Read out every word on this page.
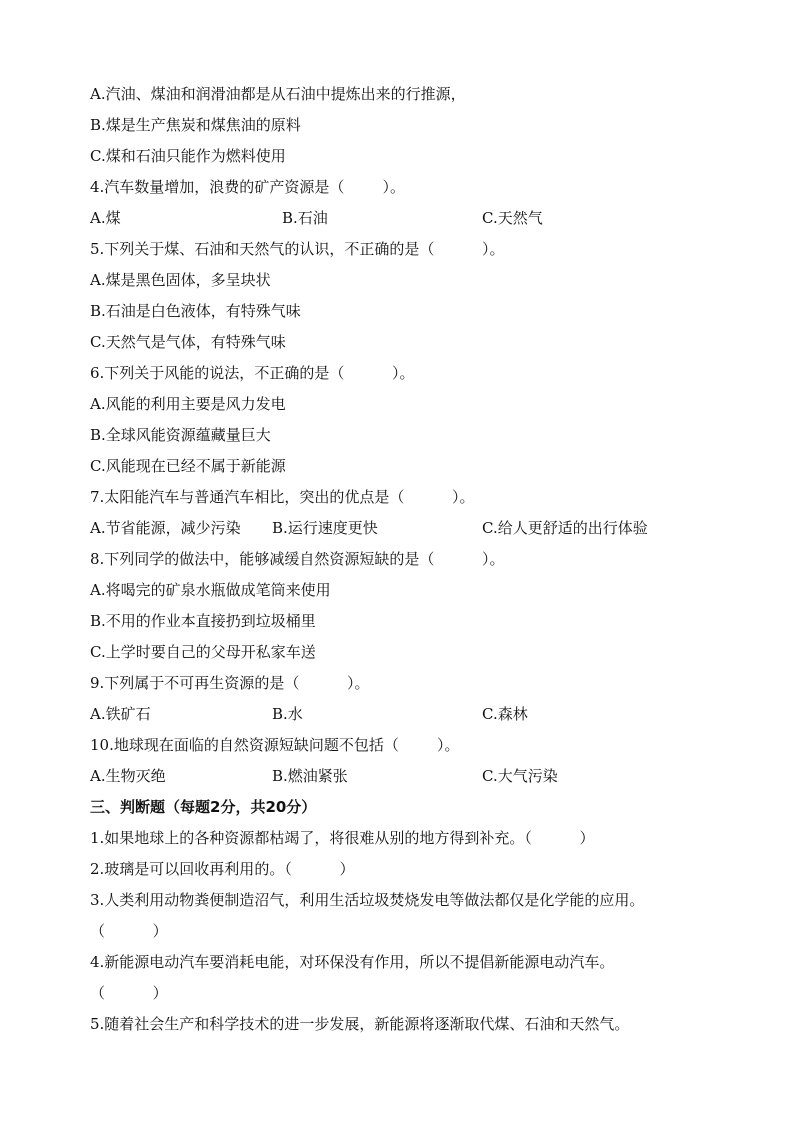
A.汽油、煤油和润滑油都是从石油中提炼出来的行推源，
B.煤是生产焦炭和煤焦油的原料
C.煤和石油只能作为燃料使用
4.汽车数量增加，浪费的矿产资源是（        ）。
A.煤	B.石油	C.天然气
5.下列关于煤、石油和天然气的认识，不正确的是（          ）。
A.煤是黑色固体，多呈块状
B.石油是白色液体，有特殊气味
C.天然气是气体，有特殊气味
6.下列关于风能的说法，不正确的是（          ）。
A.风能的利用主要是风力发电
B.全球风能资源蕴藏量巨大
C.风能现在已经不属于新能源
7.太阳能汽车与普通汽车相比，突出的优点是（          ）。
A.节省能源，减少污染 B.运行速度更快	C.给人更舒适的出行体验
8.下列同学的做法中，能够减缓自然资源短缺的是（          ）。
A.将喝完的矿泉水瓶做成笔筒来使用
B.不用的作业本直接扔到垃圾桶里
C.上学时要自己的父母开私家车送
9.下列属于不可再生资源的是（          ）。
A.铁矿石	B.水	C.森林
10.地球现在面临的自然资源短缺问题不包括（        ）。
A.生物灭绝	B.燃油紧张	C.大气污染
三、判断题（每题2分，共20分）
1.如果地球上的各种资源都枯竭了，将很难从别的地方得到补充。（          ）
2.玻璃是可以回收再利用的。（          ）
3.人类利用动物粪便制造沼气，利用生活垃圾焚烧发电等做法都仅是化学能的应用。
（          ）
4.新能源电动汽车要消耗电能，对环保没有作用，所以不提倡新能源电动汽车。
（          ）
5.随着社会生产和科学技术的进一步发展，新能源将逐渐取代煤、石油和天然气。
